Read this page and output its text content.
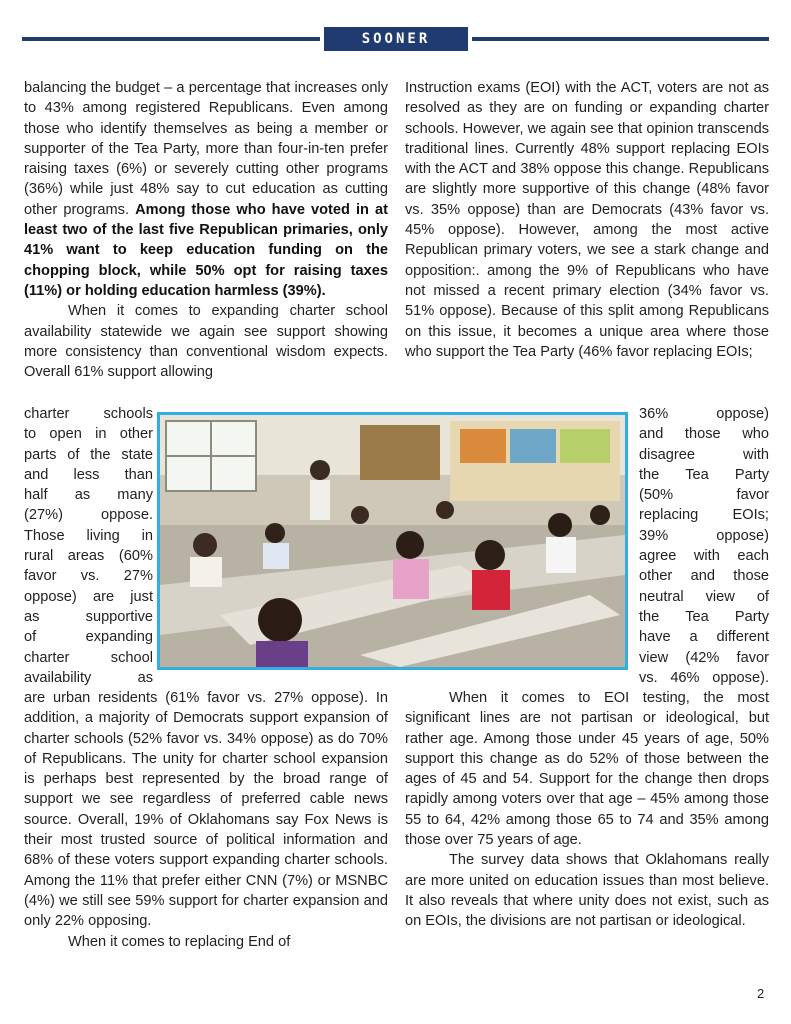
SOONER SURVEY

balancing the budget – a percentage that increases only to 43% among registered Republicans. Even among those who identify themselves as being a member or supporter of the Tea Party, more than four-in-ten prefer raising taxes (6%) or severely cutting other programs (36%) while just 48% say to cut education as cutting other programs. Among those who have voted in at least two of the last five Republican primaries, only 41% want to keep education funding on the chopping block, while 50% opt for raising taxes (11%) or holding education harmless (39%).

When it comes to expanding charter school availability statewide we again see support showing more consistency than conventional wisdom expects. Overall 61% support allowing

charter schools
to open in other
parts of the state
and less than
half as many
(27%) oppose.
Those living in
rural areas (60%
favor vs. 27%
oppose) are just
as supportive
of expanding
charter school
availability as

are urban residents (61% favor vs. 27% oppose). In addition, a majority of Democrats support expansion of charter schools (52% favor vs. 34% oppose) as do 70% of Republicans. The unity for charter school expansion is perhaps best represented by the broad range of support we see regardless of preferred cable news source. Overall, 19% of Oklahomans say Fox News is their most trusted source of political information and 68% of these voters support expanding charter schools. Among the 11% that prefer either CNN (7%) or MSNBC (4%) we still see 59% support for charter expansion and only 22% opposing.

When it comes to replacing End of

Instruction exams (EOI) with the ACT, voters are not as resolved as they are on funding or expanding charter schools. However, we again see that opinion transcends traditional lines. Currently 48% support replacing EOIs with the ACT and 38% oppose this change. Republicans are slightly more supportive of this change (48% favor vs. 35% oppose) than are Democrats (43% favor vs. 45% oppose). However, among the most active Republican primary voters, we see a stark change and opposition:. among the 9% of Republicans who have not missed a recent primary election (34% favor vs. 51% oppose). Because of this split among Republicans on this issue, it becomes a unique area where those who support the Tea Party (46% favor replacing EOIs;

36% oppose)
and those who
disagree with
the Tea Party
(50% favor
replacing EOIs;
39% oppose)
agree with each
other and those
neutral view of
the Tea Party
have a different
view (42% favor
vs. 46% oppose).

When it comes to EOI testing, the most significant lines are not partisan or ideological, but rather age. Among those under 45 years of age, 50% support this change as do 52% of those between the ages of 45 and 54. Support for the change then drops rapidly among voters over that age – 45% among those 55 to 64, 42% among those 65 to 74 and 35% among those over 75 years of age.

The survey data shows that Oklahomans really are more united on education issues than most believe. It also reveals that where unity does not exist, such as on EOIs, the divisions are not partisan or ideological.

2
